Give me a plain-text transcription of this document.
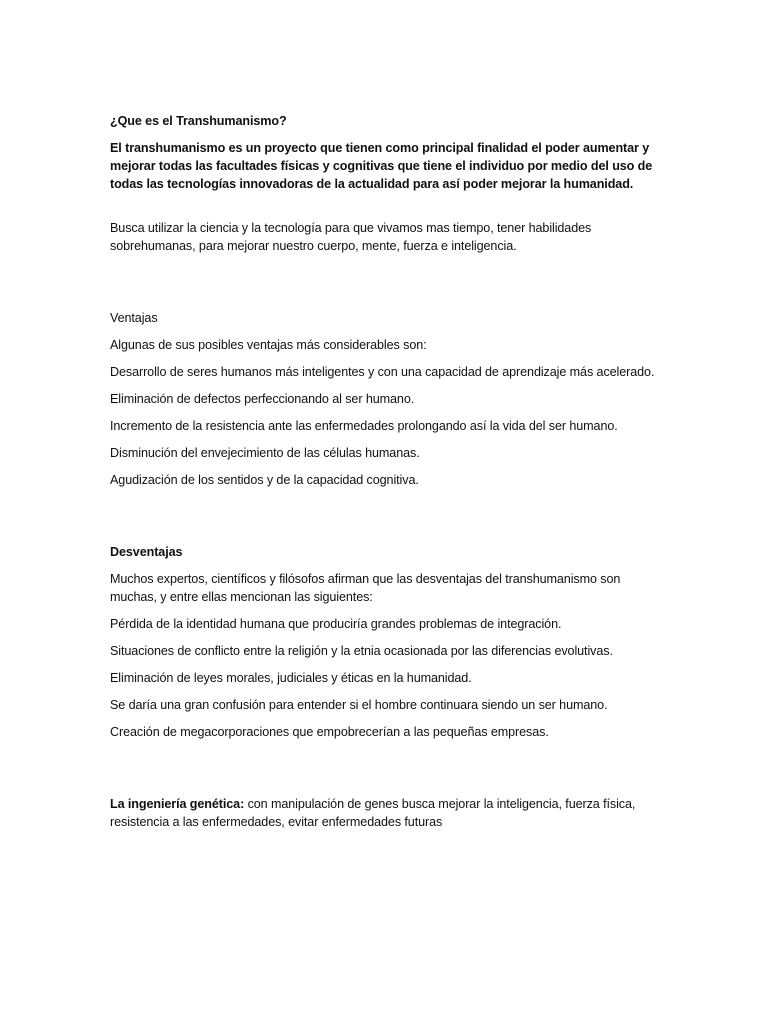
¿Que es el Transhumanismo?

El transhumanismo es un proyecto que tienen como principal finalidad el poder aumentar y mejorar todas las facultades físicas y cognitivas que tiene el individuo por medio del uso de todas las tecnologías innovadoras de la actualidad para así poder mejorar la humanidad.

Busca utilizar la ciencia y la tecnología para que vivamos mas tiempo, tener habilidades sobrehumanas, para mejorar nuestro cuerpo, mente, fuerza e inteligencia.

Ventajas

Algunas de sus posibles ventajas más considerables son:

Desarrollo de seres humanos más inteligentes y con una capacidad de aprendizaje más acelerado.
Eliminación de defectos perfeccionando al ser humano.
Incremento de la resistencia ante las enfermedades prolongando así la vida del ser humano.
Disminución del envejecimiento de las células humanas.
Agudización de los sentidos y de la capacidad cognitiva.

Desventajas

Muchos expertos, científicos y filósofos afirman que las desventajas del transhumanismo son muchas, y entre ellas mencionan las siguientes:

Pérdida de la identidad humana que produciría grandes problemas de integración.
Situaciones de conflicto entre la religión y la etnia ocasionada por las diferencias evolutivas.
Eliminación de leyes morales, judiciales y éticas en la humanidad.
Se daría una gran confusión para entender si el hombre continuara siendo un ser humano.
Creación de megacorporaciones que empobrecerían a las pequeñas empresas.

La ingeniería genética: con manipulación de genes busca mejorar la inteligencia, fuerza física, resistencia a las enfermedades, evitar enfermedades futuras
